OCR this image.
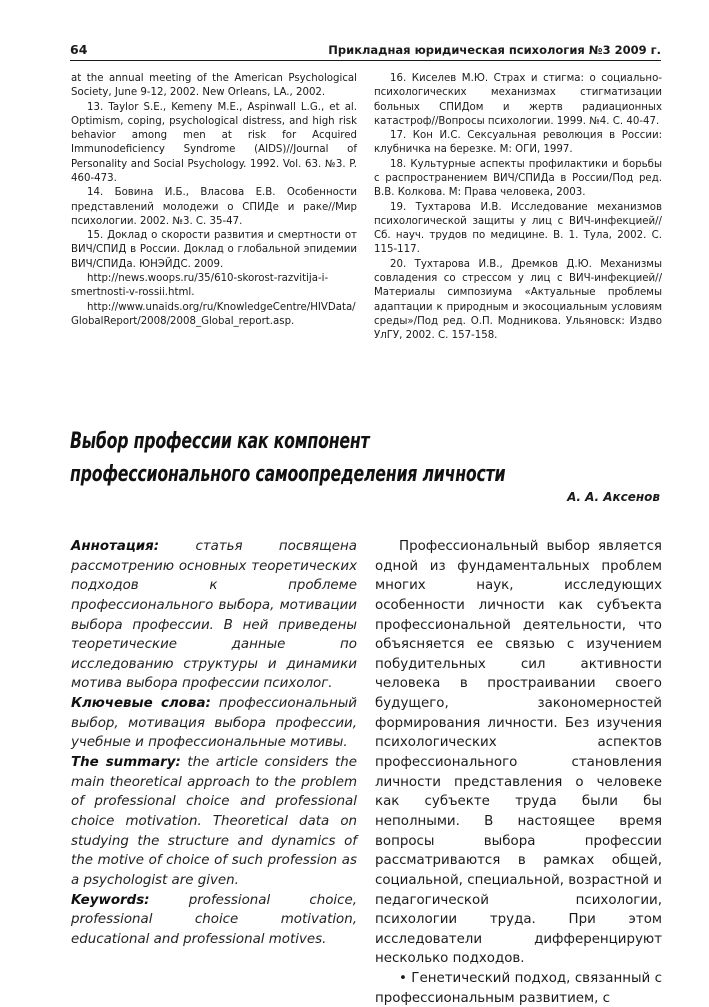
64	Прикладная юридическая психология №3 2009 г.

at the annual meeting of the American Psychological Society, June 9-12, 2002. New Orleans, LA., 2002.

13. Taylor S.E., Kemeny M.E., Aspinwall L.G., et al. Optimism, coping, psychological distress, and high risk behavior among men at risk for Acquired Immunodeficiency Syndrome (AIDS)//Journal of Personality and Social Psychology. 1992. Vol. 63. №3. P. 460-473.

14. Бовина И.Б., Власова Е.В. Особенности представлений молодежи о СПИДе и раке//Мир психологии. 2002. №3. С. 35-47.

15. Доклад о скорости развития и смертности от ВИЧ/СПИД в России. Доклад о глобальной эпидемии ВИЧ/СПИДа. ЮНЭЙДС. 2009.

http://news.woops.ru/35/610-skorost-razvitija-i-smertnosti-v-rossii.html.

http://www.unaids.org/ru/KnowledgeCentre/HIVData/GlobalReport/2008/2008_Global_report.asp.

16. Киселев М.Ю. Страх и стигма: о социально-психологических механизмах стигматизации больных СПИДом и жертв радиационных катастроф//Вопросы психологии. 1999. №4. С. 40-47.

17. Кон И.С. Сексуальная революция в России: клубничка на березке. М: ОГИ, 1997.

18. Культурные аспекты профилактики и борьбы с распространением ВИЧ/СПИДа в России/Под ред. В.В. Колкова. М: Права человека, 2003.

19. Тухтарова И.В. Исследование механизмов психологической защиты у лиц с ВИЧ-инфекцией//Сб. науч. трудов по медицине. В. 1. Тула, 2002. С. 115-117.

20. Тухтарова И.В., Дремков Д.Ю. Механизмы совладения со стрессом у лиц с ВИЧ-инфекцией//Материалы симпозиума «Актуальные проблемы адаптации к природным и экосоциальным условиям среды»/Под ред. О.П. Модникова. Ульяновск: Издво УлГУ, 2002. С. 157-158.

Выбор профессии как компонент
профессионального самоопределения личности
А. А. Аксенов
Аннотация: статья посвящена рассмотрению основных теоретических подходов к проблеме профессионального выбора, мотивации выбора профессии. В ней приведены теоретические данные по исследованию структуры и динамики мотива выбора профессии психолог.
Ключевые слова: профессиональный выбор, мотивация выбора профессии, учебные и профессиональные мотивы.
The summary: the article considers the main theoretical approach to the problem of professional choice and professional choice motivation. Theoretical data on studying the structure and dynamics of the motive of choice of such profession as a psychologist are given.
Keywords: professional choice, professional choice motivation, educational and professional motives.

Профессиональный выбор является одной из фундаментальных проблем многих наук, исследующих особенности личности как субъекта профессиональной деятельности, что объясняется ее связью с изучением побудительных сил активности человека в простраивании своего будущего, закономерностей формирования личности. Без изучения психологических аспектов профессионального становления личности представления о человеке как субъекте труда были бы неполными. В настоящее время вопросы выбора профессии рассматриваются в рамках общей, социальной, специальной, возрастной и педагогической психологии, психологии труда. При этом исследователи дифференцируют несколько подходов.

• Генетический подход, связанный с профессиональным развитием, с
